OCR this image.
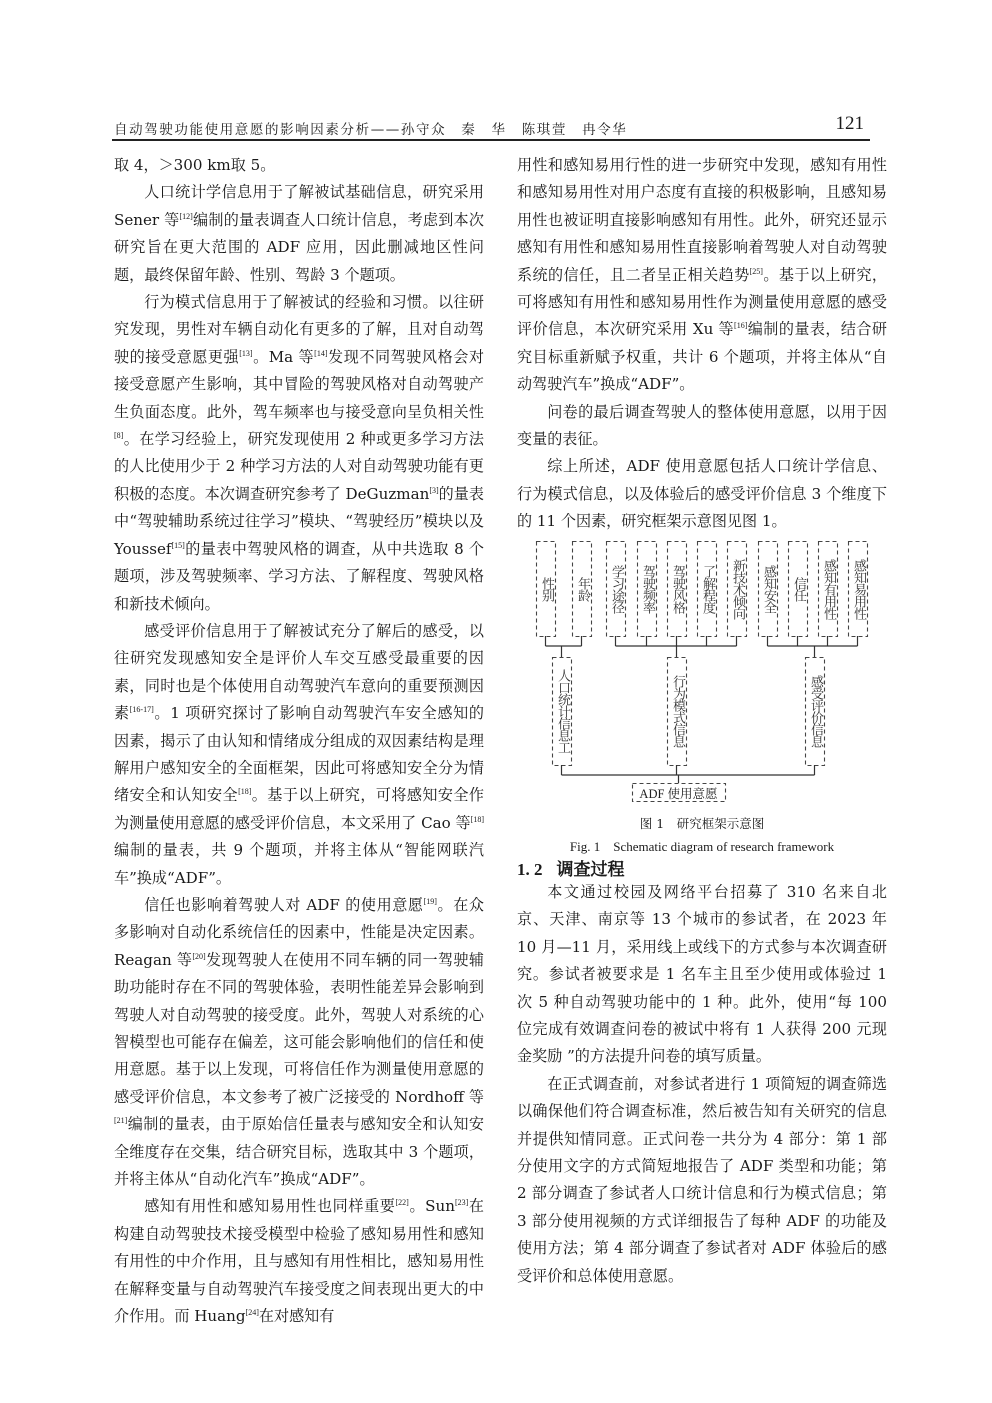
自动驾驶功能使用意愿的影响因素分析——孙守众　秦　华　陈琪萱　冉令华	121

取 4，＞300 km取 5。

人口统计学信息用于了解被试基础信息，研究采用 Sener 等[12]编制的量表调查人口统计信息，考虑到本次研究旨在更大范围的 ADF 应用，因此删减地区性问题，最终保留年龄、性别、驾龄 3 个题项。

行为模式信息用于了解被试的经验和习惯。以往研究发现，男性对车辆自动化有更多的了解，且对自动驾驶的接受意愿更强[13]。Ma 等[14]发现不同驾驶风格会对接受意愿产生影响，其中冒险的驾驶风格对自动驾驶产生负面态度。此外，驾车频率也与接受意向呈负相关性[8]。在学习经验上，研究发现使用 2 种或更多学习方法的人比使用少于 2 种学习方法的人对自动驾驶功能有更积极的态度。本次调查研究参考了 DeGuzman[3]的量表中“驾驶辅助系统过往学习”模块、“驾驶经历”模块以及 Youssef[15]的量表中驾驶风格的调查，从中共选取 8 个题项，涉及驾驶频率、学习方法、了解程度、驾驶风格和新技术倾向。

感受评价信息用于了解被试充分了解后的感受，以往研究发现感知安全是评价人车交互感受最重要的因素，同时也是个体使用自动驾驶汽车意向的重要预测因素[16-17]。1 项研究探讨了影响自动驾驶汽车安全感知的因素，揭示了由认知和情绪成分组成的双因素结构是理解用户感知安全的全面框架，因此可将感知安全分为情绪安全和认知安全[18]。基于以上研究，可将感知安全作为测量使用意愿的感受评价信息，本文采用了 Cao 等[18]编制的量表，共 9 个题项，并将主体从“智能网联汽车”换成“ADF”。

信任也影响着驾驶人对 ADF 的使用意愿[19]。在众多影响对自动化系统信任的因素中，性能是决定因素。Reagan 等[20]发现驾驶人在使用不同车辆的同一驾驶辅助功能时存在不同的驾驶体验，表明性能差异会影响到驾驶人对自动驾驶的接受度。此外，驾驶人对系统的心智模型也可能存在偏差，这可能会影响他们的信任和使用意愿。基于以上发现，可将信任作为测量使用意愿的感受评价信息，本文参考了被广泛接受的 Nordhoff 等[21]编制的量表，由于原始信任量表与感知安全和认知安全维度存在交集，结合研究目标，选取其中 3 个题项，并将主体从“自动化汽车”换成“ADF”。

感知有用性和感知易用性也同样重要[22]。Sun[23]在构建自动驾驶技术接受模型中检验了感知易用性和感知有用性的中介作用，且与感知有用性相比，感知易用性在解释变量与自动驾驶汽车接受度之间表现出更大的中介作用。而 Huang[24]在对感知有

用性和感知易用行性的进一步研究中发现，感知有用性和感知易用性对用户态度有直接的积极影响，且感知易用性也被证明直接影响感知有用性。此外，研究还显示感知有用性和感知易用性直接影响着驾驶人对自动驾驶系统的信任，且二者呈正相关趋势[25]。基于以上研究，可将感知有用性和感知易用性作为测量使用意愿的感受评价信息，本次研究采用 Xu 等[16]编制的量表，结合研究目标重新赋予权重，共计 6 个题项，并将主体从“自动驾驶汽车”换成“ADF”。

问卷的最后调查驾驶人的整体使用意愿，以用于因变量的表征。

综上所述，ADF 使用意愿包括人口统计学信息、行为模式信息，以及体验后的感受评价信息 3 个维度下的 11 个因素，研究框架示意图见图 1。

性别 年龄 学习途径 驾驶频率 驾驶风格 了解程度 新技术倾向 感知安全 信任 感知有用性 感知易用性
人口统计信息工	行为模式信息	感受评价信息
ADF 使用意愿
图 1　研究框架示意图
Fig. 1　Schematic diagram of research framework
1. 2 调查过程

本文通过校园及网络平台招募了 310 名来自北京、天津、南京等 13 个城市的参试者，在 2023 年 10 月—11 月，采用线上或线下的方式参与本次调查研究。参试者被要求是 1 名车主且至少使用或体验过 1 次 5 种自动驾驶功能中的 1 种。此外，使用“每 100 位完成有效调查问卷的被试中将有 1 人获得 200 元现金奖励 ”的方法提升问卷的填写质量。

在正式调查前，对参试者进行 1 项简短的调查筛选以确保他们符合调查标准，然后被告知有关研究的信息并提供知情同意。正式问卷一共分为 4 部分：第 1 部分使用文字的方式简短地报告了 ADF 类型和功能；第 2 部分调查了参试者人口统计信息和行为模式信息；第 3 部分使用视频的方式详细报告了每种 ADF 的功能及使用方法；第 4 部分调查了参试者对 ADF 体验后的感受评价和总体使用意愿。
